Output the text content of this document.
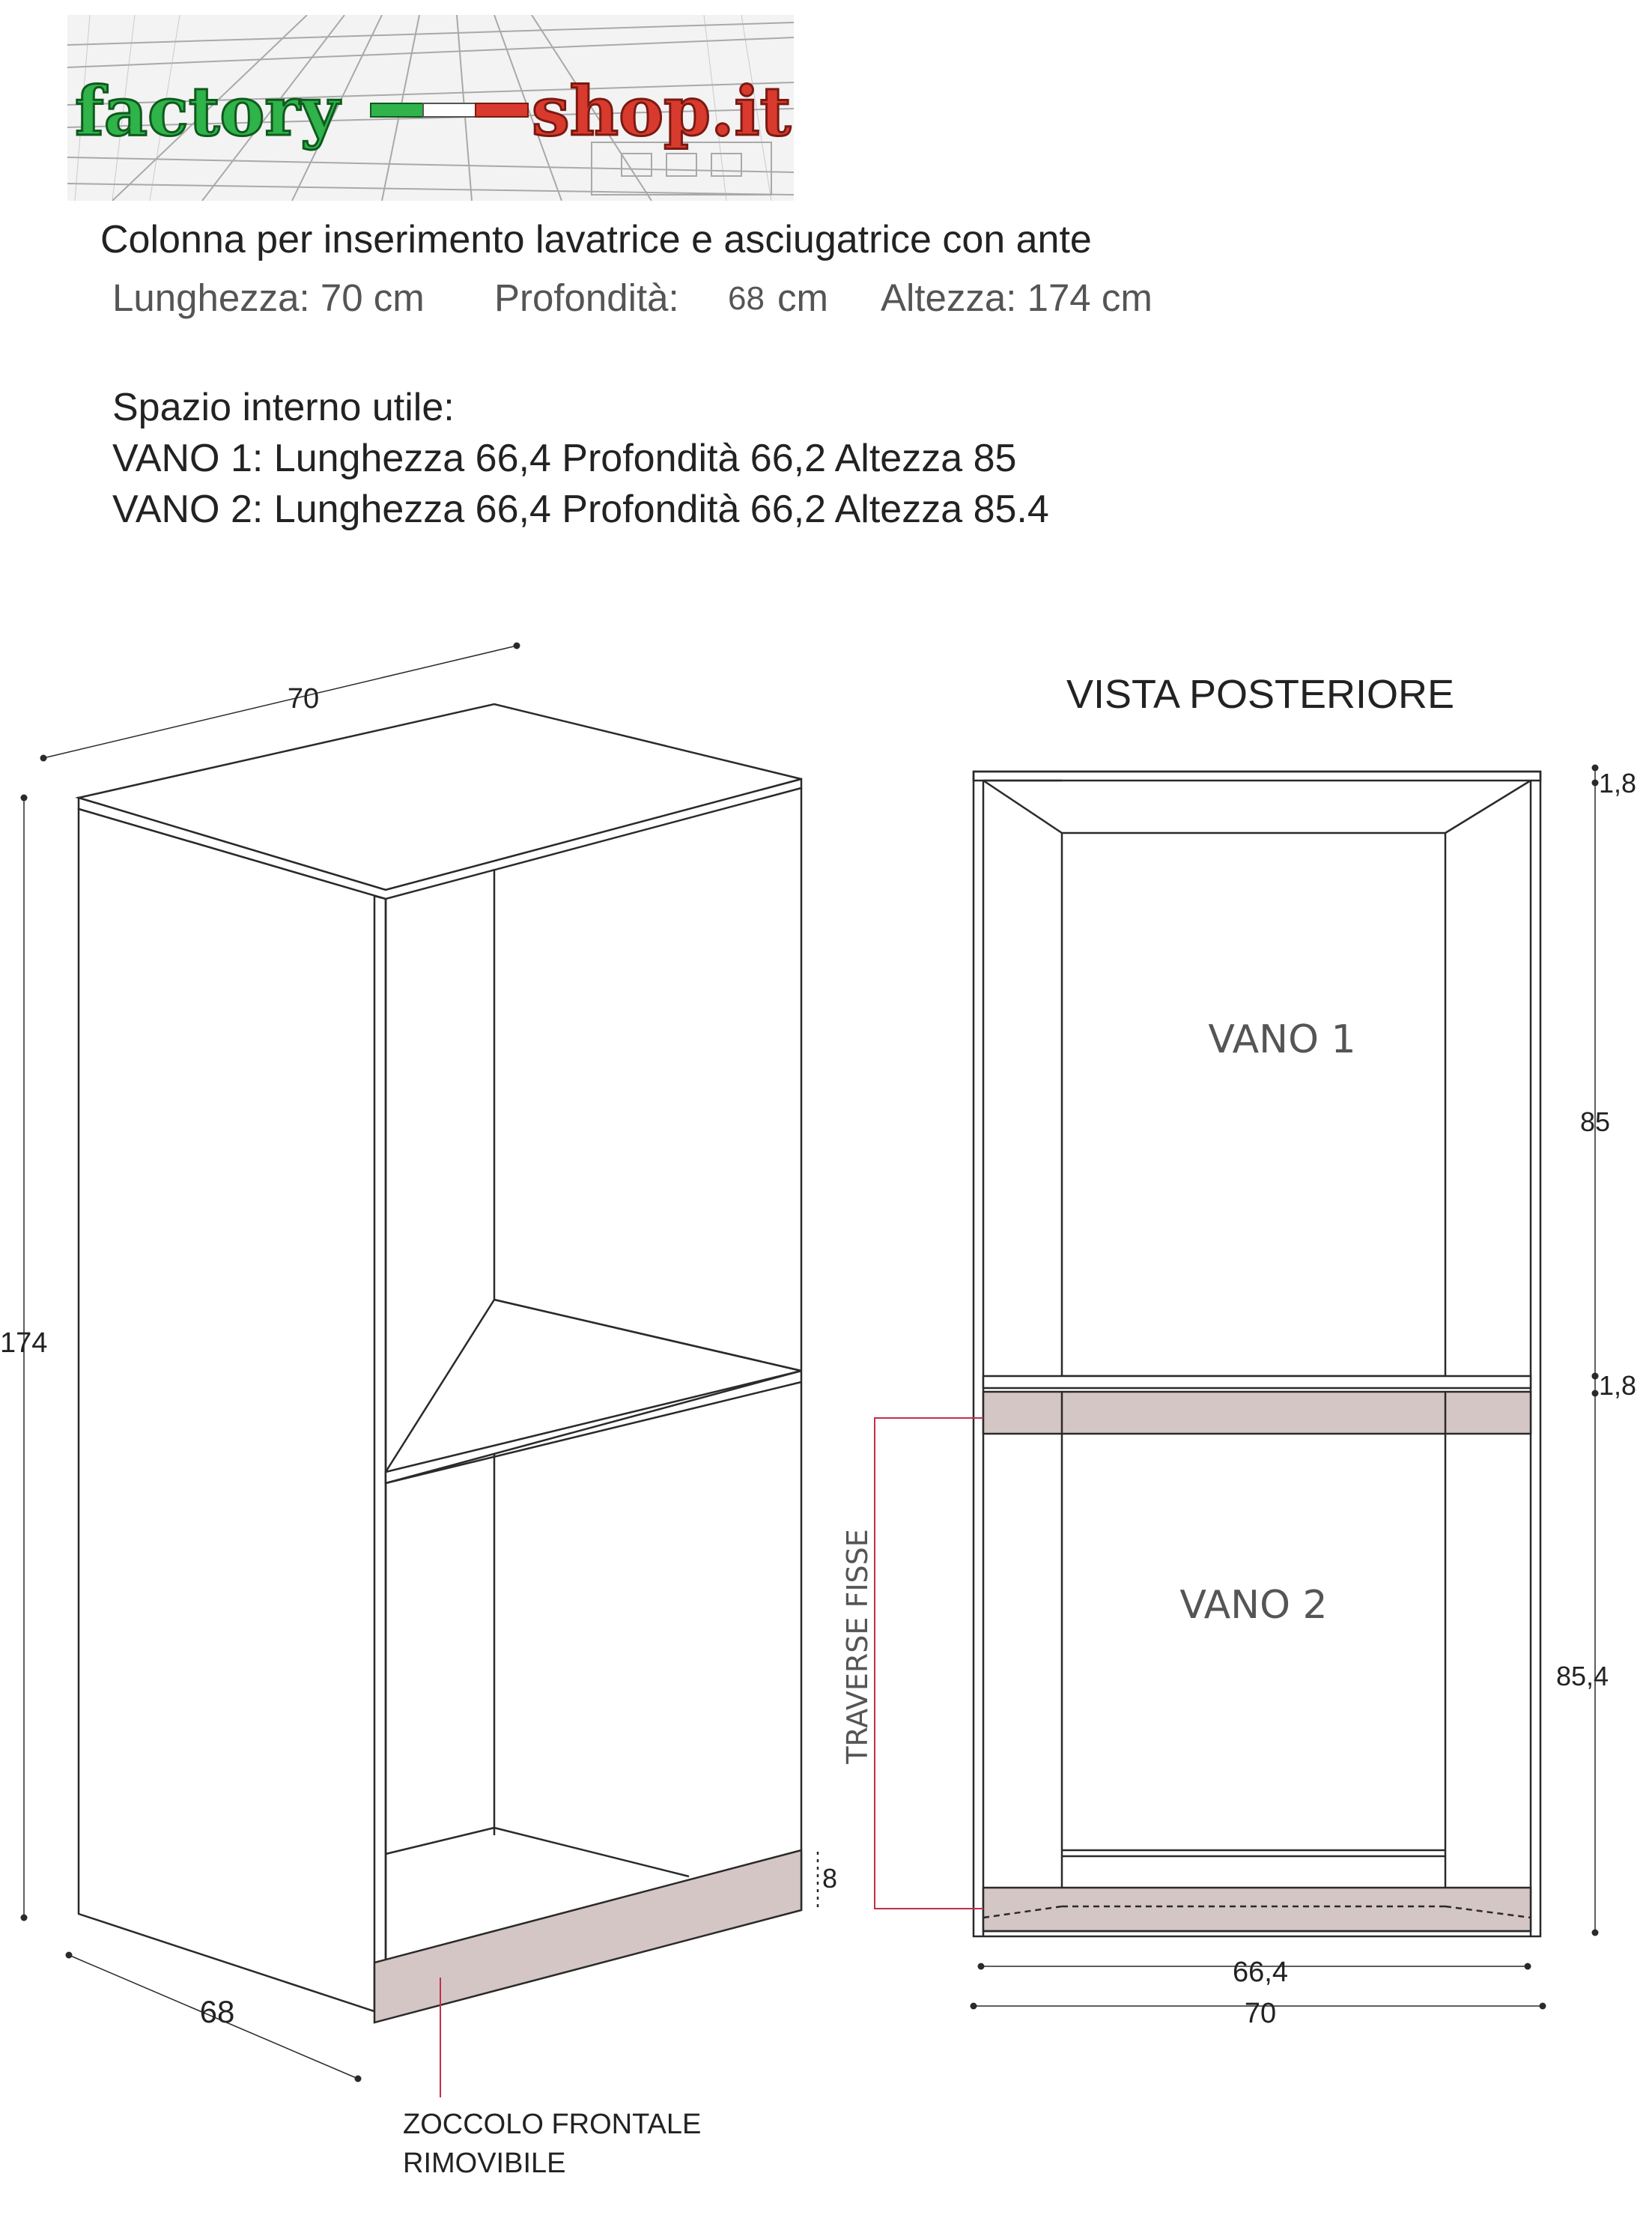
factory	shop.it
Colonna per inserimento lavatrice e asciugatrice con ante
Lunghezza: 70 cm Profondità: 68 cm Altezza: 174 cm
Spazio interno utile:
VANO 1: Lunghezza 66,4 Profondità 66,2 Altezza 85
VANO 2: Lunghezza 66,4 Profondità 66,2 Altezza 85.4
70
174
68
8
ZOCCOLO FRONTALE
RIMOVIBILE
VISTA POSTERIORE
VANO 1
VANO 2
1,8
85
1,8
85,4
66,4
70
TRAVERSE FISSE
